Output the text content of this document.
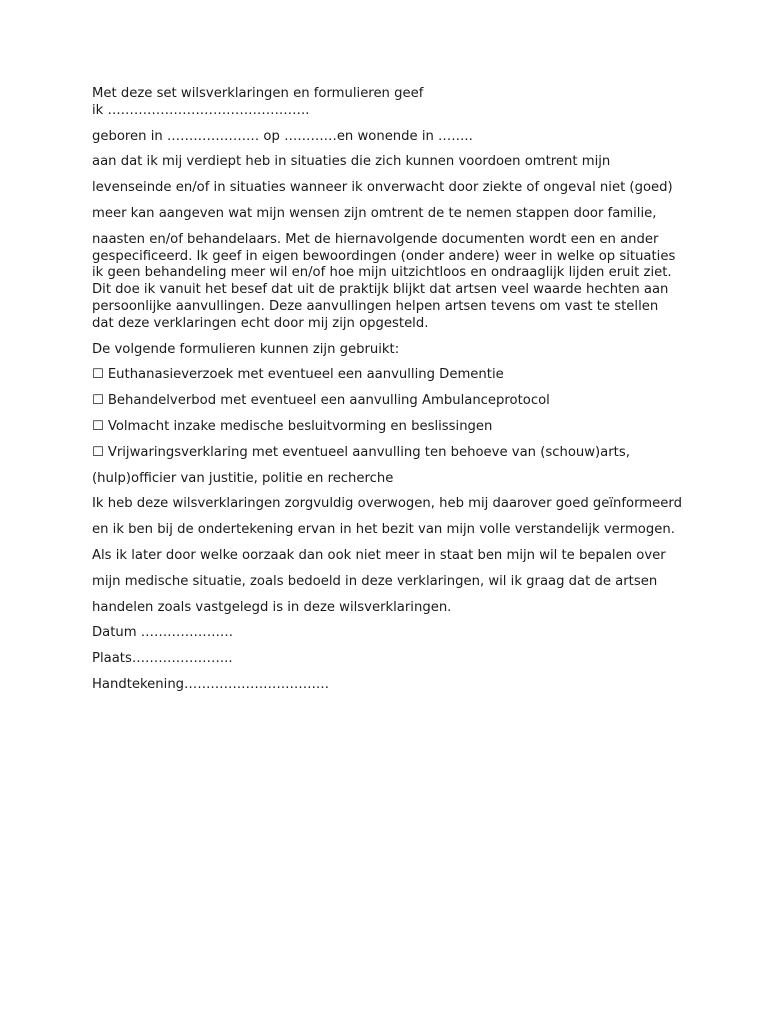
Met deze set wilsverklaringen en formulieren geef
ik ……………………………………….

geboren in ………………… op …………en wonende in ……..

aan dat ik mij verdiept heb in situaties die zich kunnen voordoen omtrent mijn

levenseinde en/of in situaties wanneer ik onverwacht door ziekte of ongeval niet (goed)

meer kan aangeven wat mijn wensen zijn omtrent de te nemen stappen door familie,

naasten en/of behandelaars. Met de hiernavolgende documenten wordt een en ander gespecificeerd. Ik geef in eigen bewoordingen (onder andere) weer in welke op situaties ik geen behandeling meer wil en/of hoe mijn uitzichtloos en ondraaglijk lijden eruit ziet. Dit doe ik vanuit het besef dat uit de praktijk blijkt dat artsen veel waarde hechten aan persoonlijke aanvullingen. Deze aanvullingen helpen artsen tevens om vast te stellen dat deze verklaringen echt door mij zijn opgesteld.

De volgende formulieren kunnen zijn gebruikt:

☐ Euthanasieverzoek met eventueel een aanvulling Dementie

☐ Behandelverbod met eventueel een aanvulling Ambulanceprotocol

☐ Volmacht inzake medische besluitvorming en beslissingen

☐ Vrijwaringsverklaring met eventueel aanvulling ten behoeve van (schouw)arts,

(hulp)officier van justitie, politie en recherche

Ik heb deze wilsverklaringen zorgvuldig overwogen, heb mij daarover goed geïnformeerd

en ik ben bij de ondertekening ervan in het bezit van mijn volle verstandelijk vermogen.

Als ik later door welke oorzaak dan ook niet meer in staat ben mijn wil te bepalen over

mijn medische situatie, zoals bedoeld in deze verklaringen, wil ik graag dat de artsen

handelen zoals vastgelegd is in deze wilsverklaringen.

Datum …………………

Plaats…………………..

Handtekening……………………………
